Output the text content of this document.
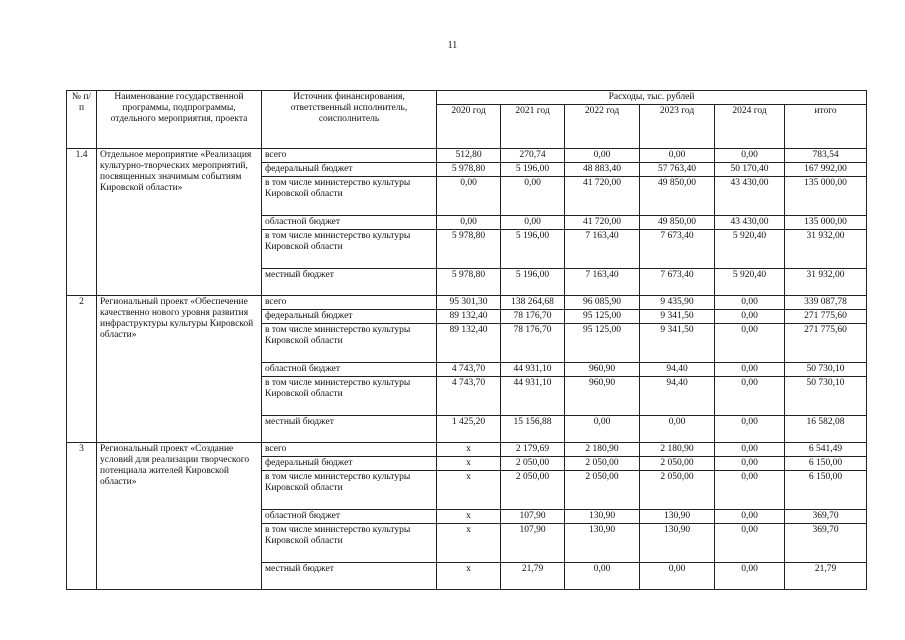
11
№ п/п	Наименование государственной программы, подпрограммы, отдельного мероприятия, проекта	Источник финансирования, ответственный исполнитель, соисполнитель	Расходы, тыс. рублей					
			2020 год	2021 год	2022 год	2023 год	2024 год	итого
1.4	Отдельное мероприятие «Реализация культурно-творческих мероприятий, посвященных значимым событиям Кировской области»	всего	512,80	270,74	0,00	0,00	0,00	783,54
		федеральный бюджет	5 978,80	5 196,00	48 883,40	57 763,40	50 170,40	167 992,00
		в том числе министерство культуры Кировской области	0,00	0,00	41 720,00	49 850,00	43 430,00	135 000,00
		областной бюджет	0,00	0,00	41 720,00	49 850,00	43 430,00	135 000,00
		в том числе министерство культуры Кировской области	5 978,80	5 196,00	7 163,40	7 673,40	5 920,40	31 932,00
		местный бюджет	5 978,80	5 196,00	7 163,40	7 673,40	5 920,40	31 932,00
2	Региональный проект «Обеспечение качественно нового уровня развития инфраструктуры культуры Кировской области»	всего	95 301,30	138 264,68	96 085,90	9 435,90	0,00	339 087,78
		федеральный бюджет	89 132,40	78 176,70	95 125,00	9 341,50	0,00	271 775,60
		в том числе министерство культуры Кировской области	89 132,40	78 176,70	95 125,00	9 341,50	0,00	271 775,60
		областной бюджет	4 743,70	44 931,10	960,90	94,40	0,00	50 730,10
		в том числе министерство культуры Кировской области	4 743,70	44 931,10	960,90	94,40	0,00	50 730,10
		местный бюджет	1 425,20	15 156,88	0,00	0,00	0,00	16 582,08
3	Региональный проект «Создание условий для реализации творческого потенциала жителей Кировской области»	всего	x	2 179,69	2 180,90	2 180,90	0,00	6 541,49
		федеральный бюджет	x	2 050,00	2 050,00	2 050,00	0,00	6 150,00
		в том числе министерство культуры Кировской области	x	2 050,00	2 050,00	2 050,00	0,00	6 150,00
		областной бюджет	x	107,90	130,90	130,90	0,00	369,70
		в том числе министерство культуры Кировской области	x	107,90	130,90	130,90	0,00	369,70
		местный бюджет	x	21,79	0,00	0,00	0,00	21,79
